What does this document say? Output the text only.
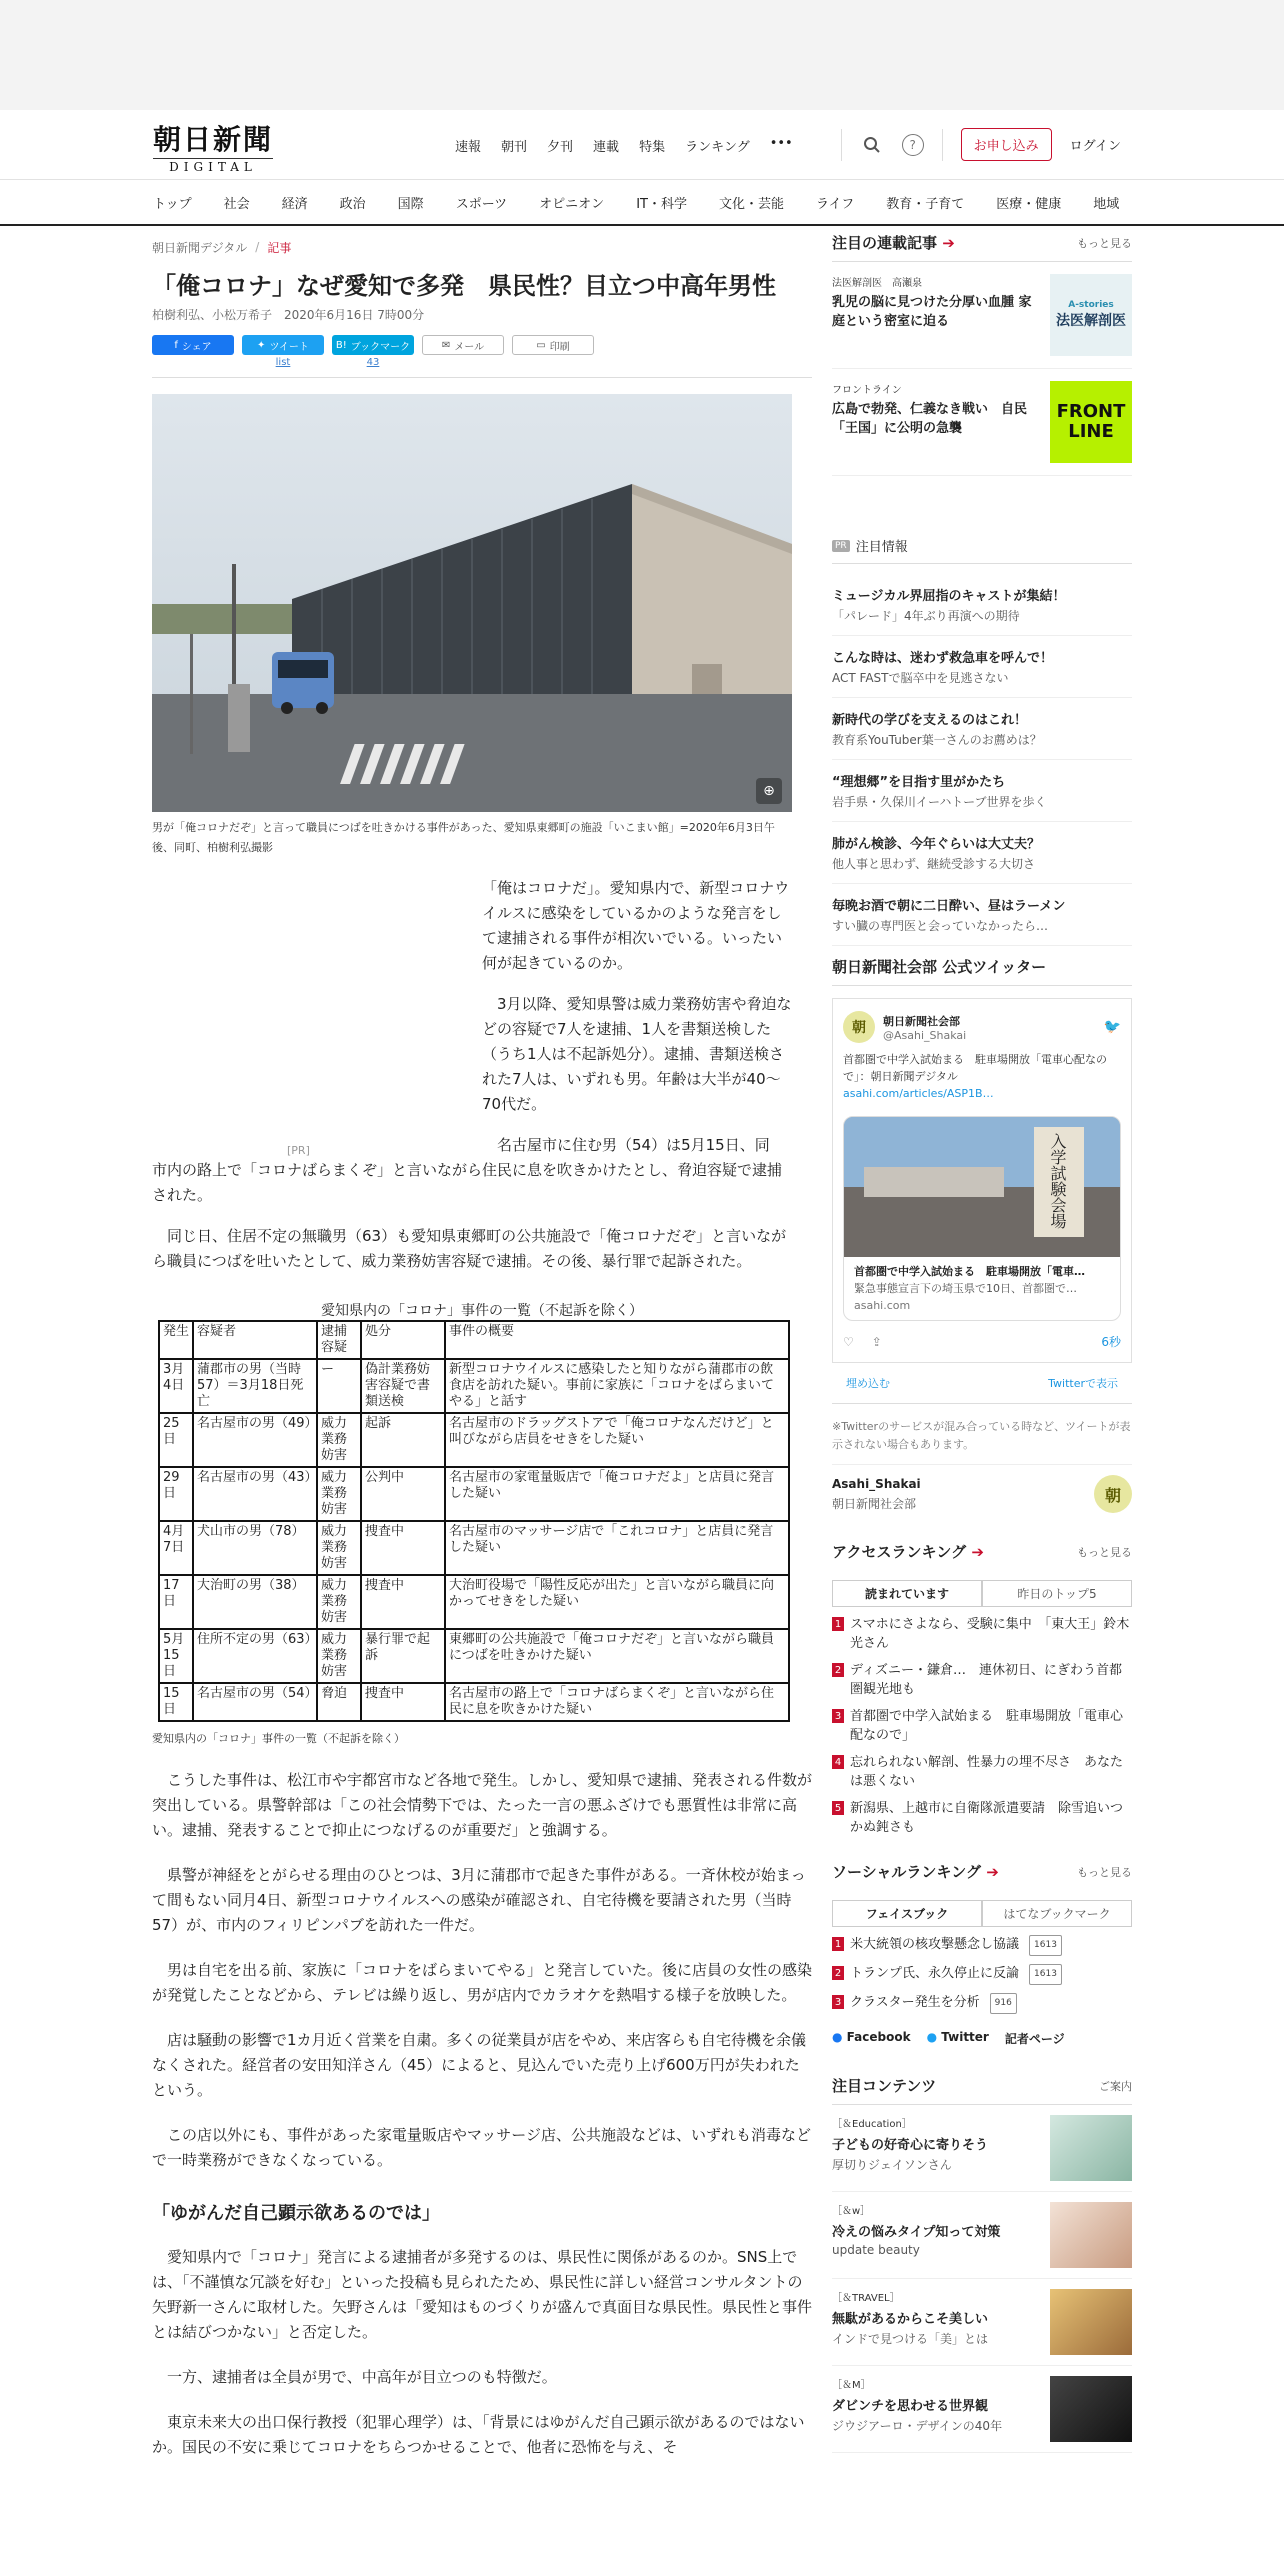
朝日新聞
DIGITAL
速報 朝刊 夕刊 連載 特集 ランキング •••	?	お申し込み	ログイン
トップ 社会 経済 政治 国際 スポーツ オピニオン IT・科学 文化・芸能 ライフ 教育・子育て 医療・健康 地域
朝日新聞デジタル / 記事
「俺コロナ」なぜ愛知で多発　県民性？目立つ中高年男性
柏樹利弘、小松万希子　2020年6月16日 7時00分
f シェア	✦ ツイート
list
B! ブックマーク
43
✉ メール	▭ 印刷
⊕
男が「俺コロナだぞ」と言って職員につばを吐きかける事件があった、愛知県東郷町の施設「いこまい館」=2020年6月3日午後、同町、柏樹利弘撮影
「俺はコロナだ」。愛知県内で、新型コロナウイルスに感染をしているかのような発言をして逮捕される事件が相次いでいる。いったい何が起きているのか。

3月以降、愛知県警は威力業務妨害や脅迫などの容疑で7人を逮捕、1人を書類送検した（うち1人は不起訴処分）。逮捕、書類送検された7人は、いずれも男。年齢は大半が40～70代だ。

名古屋市に住む男（54）は5月15日、同

市内の路上で「コロナばらまくぞ」と言いながら住民に息を吹きかけたとし、脅迫容疑で逮捕された。

同じ日、住居不定の無職男（63）も愛知県東郷町の公共施設で「俺コロナだぞ」と言いながら職員につばを吐いたとして、威力業務妨害容疑で逮捕。その後、暴行罪で起訴された。

[PR]
愛知県内の「コロナ」事件の一覧（不起訴を除く）
発生	容疑者	逮捕容疑	処分	事件の概要
3月4日	蒲郡市の男（当時57）＝3月18日死亡	ー	偽計業務妨害容疑で書類送検	新型コロナウイルスに感染したと知りながら蒲郡市の飲食店を訪れた疑い。事前に家族に「コロナをばらまいてやる」と話す
25日	名古屋市の男（49）	威力業務妨害	起訴	名古屋市のドラッグストアで「俺コロナなんだけど」と叫びながら店員をせきをした疑い
29日	名古屋市の男（43）	威力業務妨害	公判中	名古屋市の家電量販店で「俺コロナだよ」と店員に発言した疑い
4月7日	犬山市の男（78）	威力業務妨害	捜査中	名古屋市のマッサージ店で「これコロナ」と店員に発言した疑い
17日	大治町の男（38）	威力業務妨害	捜査中	大治町役場で「陽性反応が出た」と言いながら職員に向かってせきをした疑い
5月15日	住所不定の男（63）	威力業務妨害	暴行罪で起訴	東郷町の公共施設で「俺コロナだぞ」と言いながら職員につばを吐きかけた疑い
15日	名古屋市の男（54）	脅迫	捜査中	名古屋市の路上で「コロナばらまくぞ」と言いながら住民に息を吹きかけた疑い
愛知県内の「コロナ」事件の一覧（不起訴を除く）

こうした事件は、松江市や宇都宮市など各地で発生。しかし、愛知県で逮捕、発表される件数が突出している。県警幹部は「この社会情勢下では、たった一言の悪ふざけでも悪質性は非常に高い。逮捕、発表することで抑止につなげるのが重要だ」と強調する。

県警が神経をとがらせる理由のひとつは、3月に蒲郡市で起きた事件がある。一斉休校が始まって間もない同月4日、新型コロナウイルスへの感染が確認され、自宅待機を要請された男（当時57）が、市内のフィリピンパブを訪れた一件だ。

男は自宅を出る前、家族に「コロナをばらまいてやる」と発言していた。後に店員の女性の感染が発覚したことなどから、テレビは繰り返し、男が店内でカラオケを熱唱する様子を放映した。

店は騒動の影響で1カ月近く営業を自粛。多くの従業員が店をやめ、来店客らも自宅待機を余儀なくされた。経営者の安田知洋さん（45）によると、見込んでいた売り上げ600万円が失われたという。

この店以外にも、事件があった家電量販店やマッサージ店、公共施設などは、いずれも消毒などで一時業務ができなくなっている。

「ゆがんだ自己顕示欲あるのでは」

愛知県内で「コロナ」発言による逮捕者が多発するのは、県民性に関係があるのか。SNS上では、「不謹慎な冗談を好む」といった投稿も見られたため、県民性に詳しい経営コンサルタントの矢野新一さんに取材した。矢野さんは「愛知はものづくりが盛んで真面目な県民性。県民性と事件とは結びつかない」と否定した。

一方、逮捕者は全員が男で、中高年が目立つのも特徴だ。

東京未来大の出口保行教授（犯罪心理学）は、「背景にはゆがんだ自己顕示欲があるのではないか。国民の不安に乗じてコロナをちらつかせることで、他者に恐怖を与え、そ

注目の連載記事 ➔	もっと見る
法医解剖医　高瀬泉
乳児の脳に見つけた分厚い血腫 家庭という密室に迫る
A-stories
法医解剖医
フロントライン
広島で勃発、仁義なき戦い　自民「王国」に公明の急襲
FRONT LINE
PR 注目情報
ミュージカル界屈指のキャストが集結！
「パレード」4年ぶり再演への期待
こんな時は、迷わず救急車を呼んで！
ACT FASTで脳卒中を見逃さない
新時代の学びを支えるのはこれ！
教育系YouTuber葉一さんのお薦めは？
“理想郷”を目指す里がかたち
岩手県・久保川イーハトーブ世界を歩く
肺がん検診、今年ぐらいは大丈夫？
他人事と思わず、継続受診する大切さ
毎晩お酒で朝に二日酔い、昼はラーメン
すい臓の専門医と会っていなかったら…
朝日新聞社会部 公式ツイッター
朝	朝日新聞社会部
@Asahi_Shakai	🐦
首都圏で中学入試始まる　駐車場開放「電車心配なので」：朝日新聞デジタル
asahi.com/articles/ASP1B…
入学試験会場
首都圏で中学入試始まる　駐車場開放「電車…
緊急事態宣言下の埼玉県で10日、首都圏で…
asahi.com
♡ ⇪	6秒
埋め込む	Twitterで表示
※Twitterのサービスが混み合っている時など、ツイートが表示されない場合もあります。
Asahi_Shakai
朝日新聞社会部	朝
アクセスランキング ➔	もっと見る
読まれています	昨日のトップ5
1 スマホにさよなら、受験に集中　「東大王」鈴木光さん
2 ディズニー・鎌倉…　連休初日、にぎわう首都圏観光地も
3 首都圏で中学入試始まる　駐車場開放「電車心配なので」
4 忘れられない解剖、性暴力の埋不尽さ　あなたは悪くない
5 新潟県、上越市に自衛隊派遣要請　除雪追いつかぬ鈍さも
ソーシャルランキング ➔	もっと見る
フェイスブック	はてなブックマーク
1 米大統領の核攻撃懸念し協議	1613
2 トランプ氏、永久停止に反論	1613
3 クラスター発生を分析	916
● Facebook ● Twitter 記者ページ
注目コンテンツ	ご案内
［＆Education］
子どもの好奇心に寄りそう
厚切りジェイソンさん
［＆w］
冷えの悩みタイプ知って対策
update beauty
［＆TRAVEL］
無駄があるからこそ美しい
インドで見つける「美」とは
［＆M］
ダビンチを思わせる世界観
ジウジアーロ・デザインの40年
